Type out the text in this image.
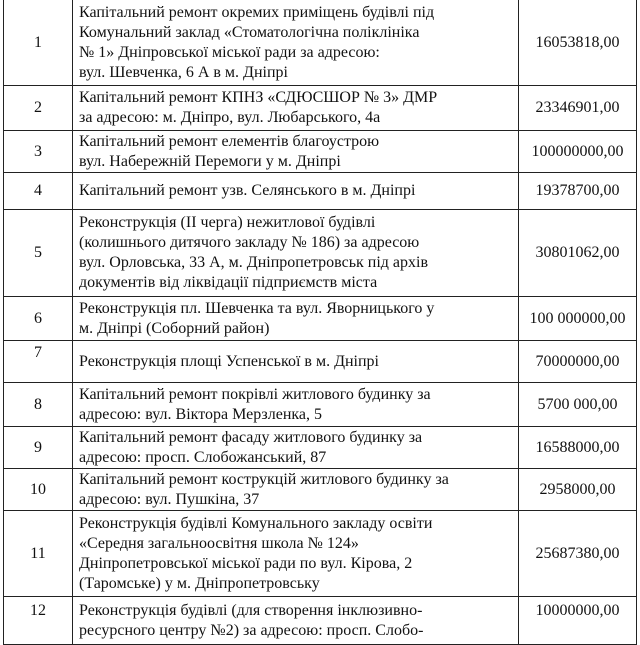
1	Капітальний ремонт окремих приміщень будівлі під
Комунальний заклад «Стоматологічна поліклініка
№ 1» Дніпровської міської ради за адресою:
вул. Шевченка, 6 А в м. Дніпрі	16053818,00
2	Капітальний ремонт КПНЗ «СДЮСШОР № 3» ДМР
за адресою: м. Дніпро, вул. Любарського, 4а	23346901,00
3	Капітальний ремонт елементів благоустрою
вул. Набережній Перемоги у м. Дніпрі	100000000,00
4	Капітальний ремонт узв. Селянського в м. Дніпрі	19378700,00
5	Реконструкція (ІІ черга) нежитлової будівлі
(колишнього дитячого закладу № 186) за адресою
вул. Орловська, 33 А, м. Дніпропетровськ під архів
документів від ліквідації підприємств міста	30801062,00
6	Реконструкція пл. Шевченка та вул. Яворницького у
м. Дніпрі (Соборний район)	100 000000,00
7	Реконструкція площі Успенської в м. Дніпрі	70000000,00
8	Капітальний ремонт покрівлі житлового будинку за
адресою: вул. Віктора Мерзленка, 5	5700 000,00
9	Капітальний ремонт фасаду житлового будинку за
адресою: просп. Слобожанський, 87	16588000,00
10	Капітальний ремонт кострукцій житлового будинку за
адресою: вул. Пушкіна, 37	2958000,00
11	Реконструкція будівлі Комунального закладу освіти
«Середня загальноосвітня школа № 124»
Дніпропетровської міської ради по вул. Кірова, 2
(Таромське) у м. Дніпропетровську	25687380,00
12	Реконструкція будівлі (для створення інклюзивно-
ресурсного центру №2) за адресою: просп. Слобо-	10000000,00
